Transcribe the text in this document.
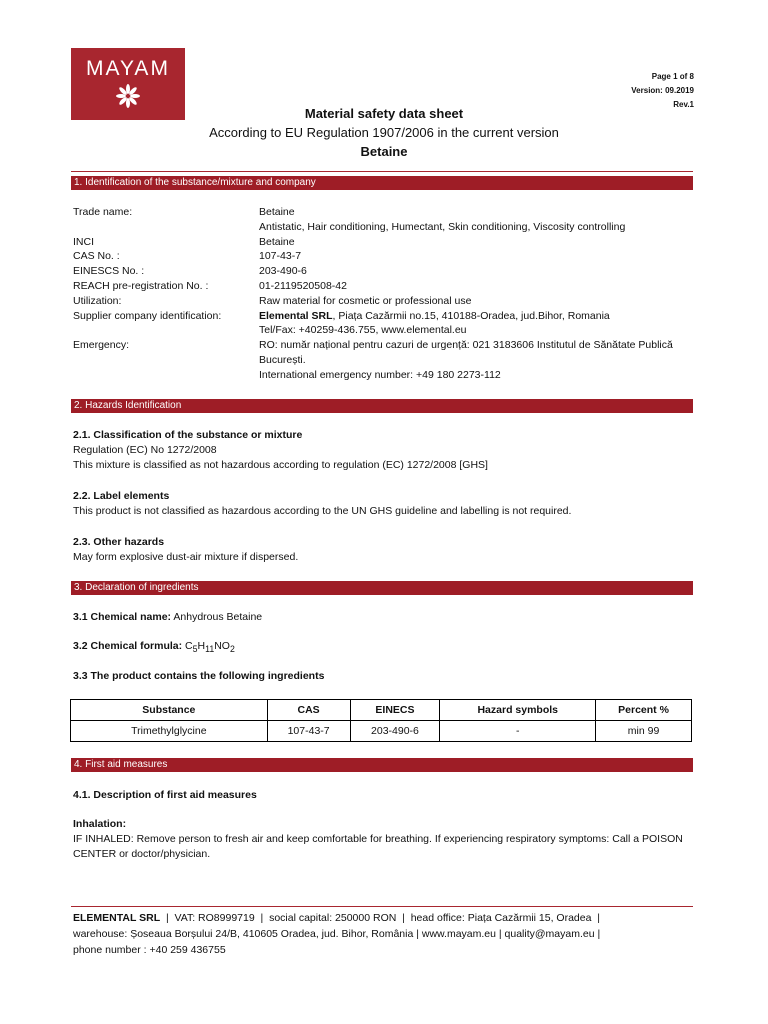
MAYAM	Page 1 of 8
Version: 09.2019
Rev.1
Material safety data sheet
According to EU Regulation 1907/2006 in the current version
Betaine
1. Identification of the substance/mixture and company
Trade name:	Betaine
Antistatic, Hair conditioning, Humectant, Skin conditioning, Viscosity controlling
INCI	Betaine
CAS No. :	107-43-7
EINESCS No. :	203-490-6
REACH pre-registration No. :	01-2119520508-42
Utilization:	Raw material for cosmetic or professional use
Supplier company identification:	Elemental SRL, Piața Cazărmii no.15, 410188-Oradea, jud.Bihor, Romania
Tel/Fax: +40259-436.755, www.elemental.eu
Emergency:	RO: număr național pentru cazuri de urgență: 021 3183606 Institutul de Sănătate Publică București.
International emergency number: +49 180 2273-112
2. Hazards Identification
2.1. Classification of the substance or mixture
Regulation (EC) No 1272/2008
This mixture is classified as not hazardous according to regulation (EC) 1272/2008 [GHS]
2.2. Label elements
This product is not classified as hazardous according to the UN GHS guideline and labelling is not required.
2.3. Other hazards
May form explosive dust-air mixture if dispersed.
3. Declaration of ingredients
3.1 Chemical name: Anhydrous Betaine
3.2 Chemical formula: $C_5H_{11}NO_2$
3.3 The product contains the following ingredients
Substance	CAS	EINECS	Hazard symbols	Percent %
Trimethylglycine	107-43-7	203-490-6	-	min 99
4. First aid measures
4.1. Description of first aid measures
Inhalation:
IF INHALED: Remove person to fresh air and keep comfortable for breathing. If experiencing respiratory symptoms: Call a POISON CENTER or doctor/physician.
ELEMENTAL SRL  |  VAT: RO8999719  |  social capital: 250000 RON  |  head office: Piața Cazărmii 15, Oradea  |
warehouse: Șoseaua Borșului 24/B, 410605 Oradea, jud. Bihor, România | www.mayam.eu | quality@mayam.eu |
phone number : +40 259 436755
